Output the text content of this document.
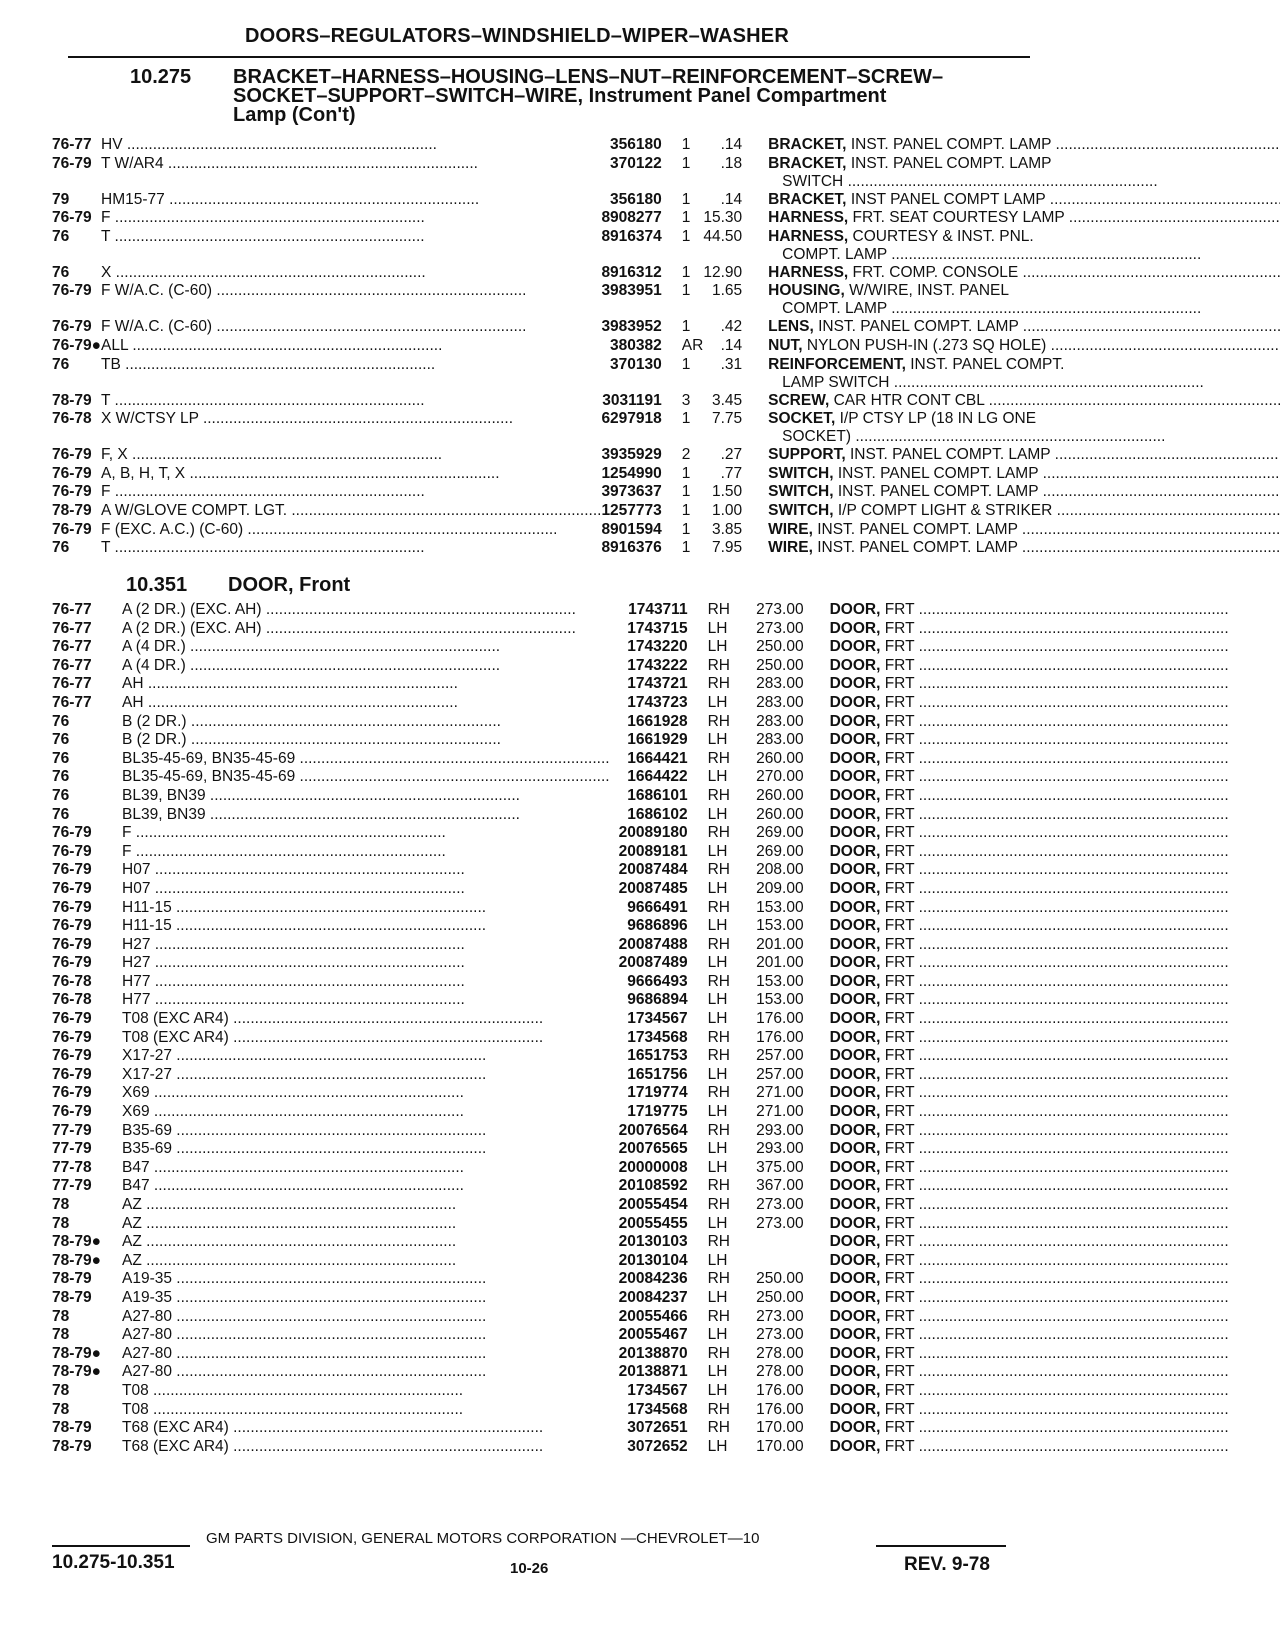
DOORS–REGULATORS–WINDSHIELD–WIPER–WASHER
10.275 BRACKET–HARNESS–HOUSING–LENS–NUT–REINFORCEMENT–SCREW–
SOCKET–SUPPORT–SWITCH–WIRE, Instrument Panel Compartment
Lamp (Con't)
76-77	HV .....	356180	1	.14	BRACKET, INST. PANEL COMPT. LAMP .....
76-79	T W/AR4 .....	370122	1	.18	BRACKET, INST. PANEL COMPT. LAMP
SWITCH .....

79	HM15-77 .....	356180	1	.14	BRACKET, INST PANEL COMPT LAMP .....
76-79	F .....	8908277	1	15.30	HARNESS, FRT. SEAT COURTESY LAMP .....
76	T .....	8916374	1	44.50	HARNESS, COURTESY & INST. PNL.
COMPT. LAMP .....

76	X .....	8916312	1	12.90	HARNESS, FRT. COMP. CONSOLE .....
76-79	F W/A.C. (C-60) .....	3983951	1	1.65	HOUSING, W/WIRE, INST. PANEL
COMPT. LAMP .....

76-79	F W/A.C. (C-60) .....	3983952	1	.42	LENS, INST. PANEL COMPT. LAMP .....
76-79●	ALL .....	380382	AR	.14	NUT, NYLON PUSH-IN (.273 SQ HOLE) .....
76	TB .....	370130	1	.31	REINFORCEMENT, INST. PANEL COMPT.
LAMP SWITCH .....

78-79	T .....	3031191	3	3.45	SCREW, CAR HTR CONT CBL .....
76-78	X W/CTSY LP .....	6297918	1	7.75	SOCKET, I/P CTSY LP (18 IN LG ONE
SOCKET) .....

76-79	F, X .....	3935929	2	.27	SUPPORT, INST. PANEL COMPT. LAMP .....
76-79	A, B, H, T, X .....	1254990	1	.77	SWITCH, INST. PANEL COMPT. LAMP .....
76-79	F .....	3973637	1	1.50	SWITCH, INST. PANEL COMPT. LAMP .....
78-79	A W/GLOVE COMPT. LGT. .....	1257773	1	1.00	SWITCH, I/P COMPT LIGHT & STRIKER .....
76-79	F (EXC. A.C.) (C-60) .....	8901594	1	3.85	WIRE, INST. PANEL COMPT. LAMP .....
76	T .....	8916376	1	7.95	WIRE, INST. PANEL COMPT. LAMP .....
10.351 DOOR, Front
76-77	A (2 DR.) (EXC. AH) .....	1743711	RH	273.00	DOOR, FRT .....
76-77	A (2 DR.) (EXC. AH) .....	1743715	LH	273.00	DOOR, FRT .....
76-77	A (4 DR.) .....	1743220	LH	250.00	DOOR, FRT .....
76-77	A (4 DR.) .....	1743222	RH	250.00	DOOR, FRT .....
76-77	AH .....	1743721	RH	283.00	DOOR, FRT .....
76-77	AH .....	1743723	LH	283.00	DOOR, FRT .....
76	B (2 DR.) .....	1661928	RH	283.00	DOOR, FRT .....
76	B (2 DR.) .....	1661929	LH	283.00	DOOR, FRT .....
76	BL35-45-69, BN35-45-69 .....	1664421	RH	260.00	DOOR, FRT .....
76	BL35-45-69, BN35-45-69 .....	1664422	LH	270.00	DOOR, FRT .....
76	BL39, BN39 .....	1686101	RH	260.00	DOOR, FRT .....
76	BL39, BN39 .....	1686102	LH	260.00	DOOR, FRT .....
76-79	F .....	20089180	RH	269.00	DOOR, FRT .....
76-79	F .....	20089181	LH	269.00	DOOR, FRT .....
76-79	H07 .....	20087484	RH	208.00	DOOR, FRT .....
76-79	H07 .....	20087485	LH	209.00	DOOR, FRT .....
76-79	H11-15 .....	9666491	RH	153.00	DOOR, FRT .....
76-79	H11-15 .....	9686896	LH	153.00	DOOR, FRT .....
76-79	H27 .....	20087488	RH	201.00	DOOR, FRT .....
76-79	H27 .....	20087489	LH	201.00	DOOR, FRT .....
76-78	H77 .....	9666493	RH	153.00	DOOR, FRT .....
76-78	H77 .....	9686894	LH	153.00	DOOR, FRT .....
76-79	T08 (EXC AR4) .....	1734567	LH	176.00	DOOR, FRT .....
76-79	T08 (EXC AR4) .....	1734568	RH	176.00	DOOR, FRT .....
76-79	X17-27 .....	1651753	RH	257.00	DOOR, FRT .....
76-79	X17-27 .....	1651756	LH	257.00	DOOR, FRT .....
76-79	X69 .....	1719774	RH	271.00	DOOR, FRT .....
76-79	X69 .....	1719775	LH	271.00	DOOR, FRT .....
77-79	B35-69 .....	20076564	RH	293.00	DOOR, FRT .....
77-79	B35-69 .....	20076565	LH	293.00	DOOR, FRT .....
77-78	B47 .....	20000008	LH	375.00	DOOR, FRT .....
77-79	B47 .....	20108592	RH	367.00	DOOR, FRT .....
78	AZ .....	20055454	RH	273.00	DOOR, FRT .....
78	AZ .....	20055455	LH	273.00	DOOR, FRT .....
78-79●	AZ .....	20130103	RH		DOOR, FRT .....
78-79●	AZ .....	20130104	LH		DOOR, FRT .....
78-79	A19-35 .....	20084236	RH	250.00	DOOR, FRT .....
78-79	A19-35 .....	20084237	LH	250.00	DOOR, FRT .....
78	A27-80 .....	20055466	RH	273.00	DOOR, FRT .....
78	A27-80 .....	20055467	LH	273.00	DOOR, FRT .....
78-79●	A27-80 .....	20138870	RH	278.00	DOOR, FRT .....
78-79●	A27-80 .....	20138871	LH	278.00	DOOR, FRT .....
78	T08 .....	1734567	LH	176.00	DOOR, FRT .....
78	T08 .....	1734568	RH	176.00	DOOR, FRT .....
78-79	T68 (EXC AR4) .....	3072651	RH	170.00	DOOR, FRT .....
78-79	T68 (EXC AR4) .....	3072652	LH	170.00	DOOR, FRT .....
GM PARTS DIVISION, GENERAL MOTORS CORPORATION —CHEVROLET—10
10.275-10.351	10-26	REV. 9-78
